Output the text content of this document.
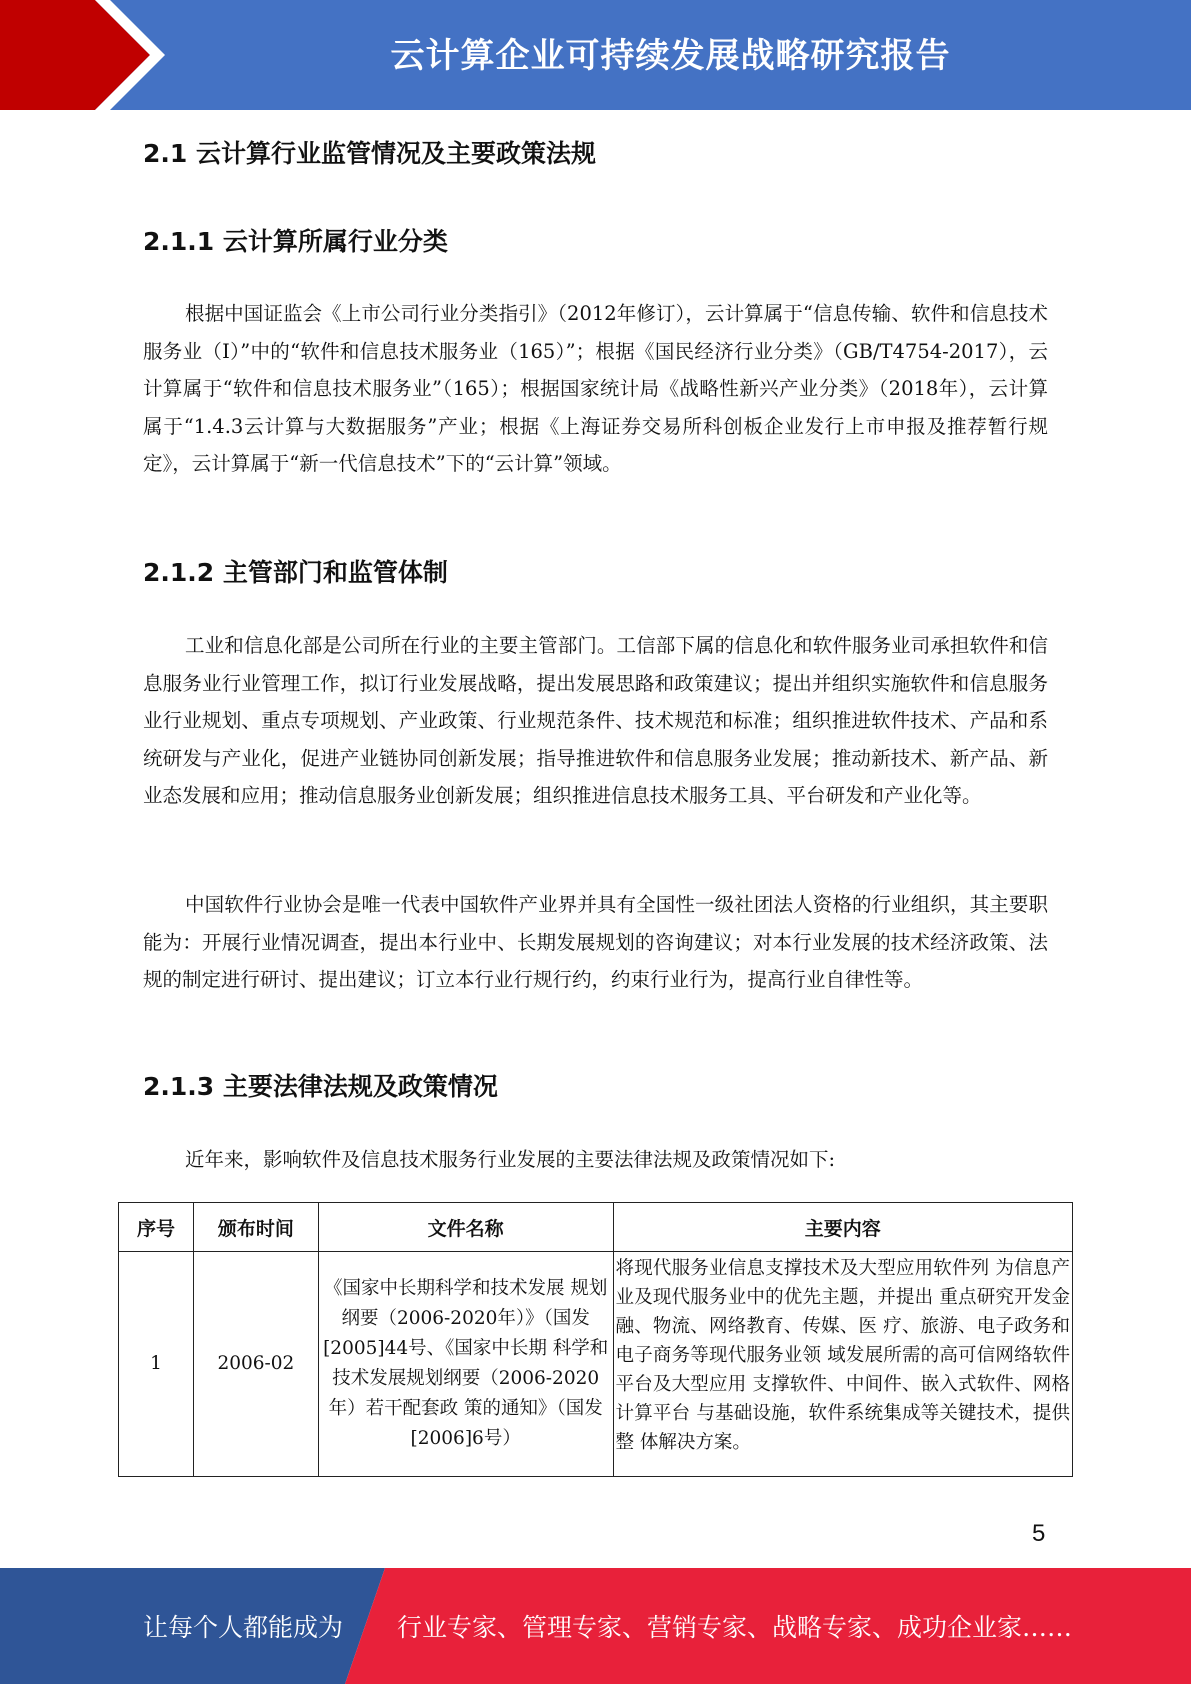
云计算企业可持续发展战略研究报告
2.1 云计算行业监管情况及主要政策法规
2.1.1 云计算所属行业分类

根据中国证监会《上市公司行业分类指引》（2012年修订），云计算属于“信息传输、软件和信息技术服务业（I）”中的“软件和信息技术服务业（165）”；根据《国民经济行业分类》（GB/T4754-2017），云计算属于“软件和信息技术服务业”（165）；根据国家统计局《战略性新兴产业分类》（2018年），云计算属于“1.4.3云计算与大数据服务”产业；根据《上海证券交易所科创板企业发行上市申报及推荐暂行规定》，云计算属于“新一代信息技术”下的“云计算”领域。

2.1.2 主管部门和监管体制

工业和信息化部是公司所在行业的主要主管部门。工信部下属的信息化和软件服务业司承担软件和信息服务业行业管理工作，拟订行业发展战略，提出发展思路和政策建议；提出并组织实施软件和信息服务业行业规划、重点专项规划、产业政策、行业规范条件、技术规范和标准；组织推进软件技术、产品和系统研发与产业化，促进产业链协同创新发展；指导推进软件和信息服务业发展；推动新技术、新产品、新业态发展和应用；推动信息服务业创新发展；组织推进信息技术服务工具、平台研发和产业化等。

中国软件行业协会是唯一代表中国软件产业界并具有全国性一级社团法人资格的行业组织，其主要职能为：开展行业情况调查，提出本行业中、长期发展规划的咨询建议；对本行业发展的技术经济政策、法规的制定进行研讨、提出建议；订立本行业行规行约，约束行业行为，提高行业自律性等。

2.1.3 主要法律法规及政策情况

近年来，影响软件及信息技术服务行业发展的主要法律法规及政策情况如下:

序号	颁布时间	文件名称	主要内容
1	2006-02	《国家中长期科学和技术发展 规划纲要（2006-2020年）》（国发[2005]44号、《国家中长期 科学和技术发展规划纲要（2006-2020年）若干配套政 策的通知》（国发[2006]6号）	将现代服务业信息支撑技术及大型应用软件列 为信息产业及现代服务业中的优先主题，并提出 重点研究开发金融、物流、网络教育、传媒、医 疗、旅游、电子政务和电子商务等现代服务业领 域发展所需的高可信网络软件平台及大型应用 支撑软件、中间件、嵌入式软件、网格计算平台 与基础设施，软件系统集成等关键技术，提供整 体解决方案。
5
让每个人都能成为 行业专家、管理专家、营销专家、战略专家、成功企业家……
